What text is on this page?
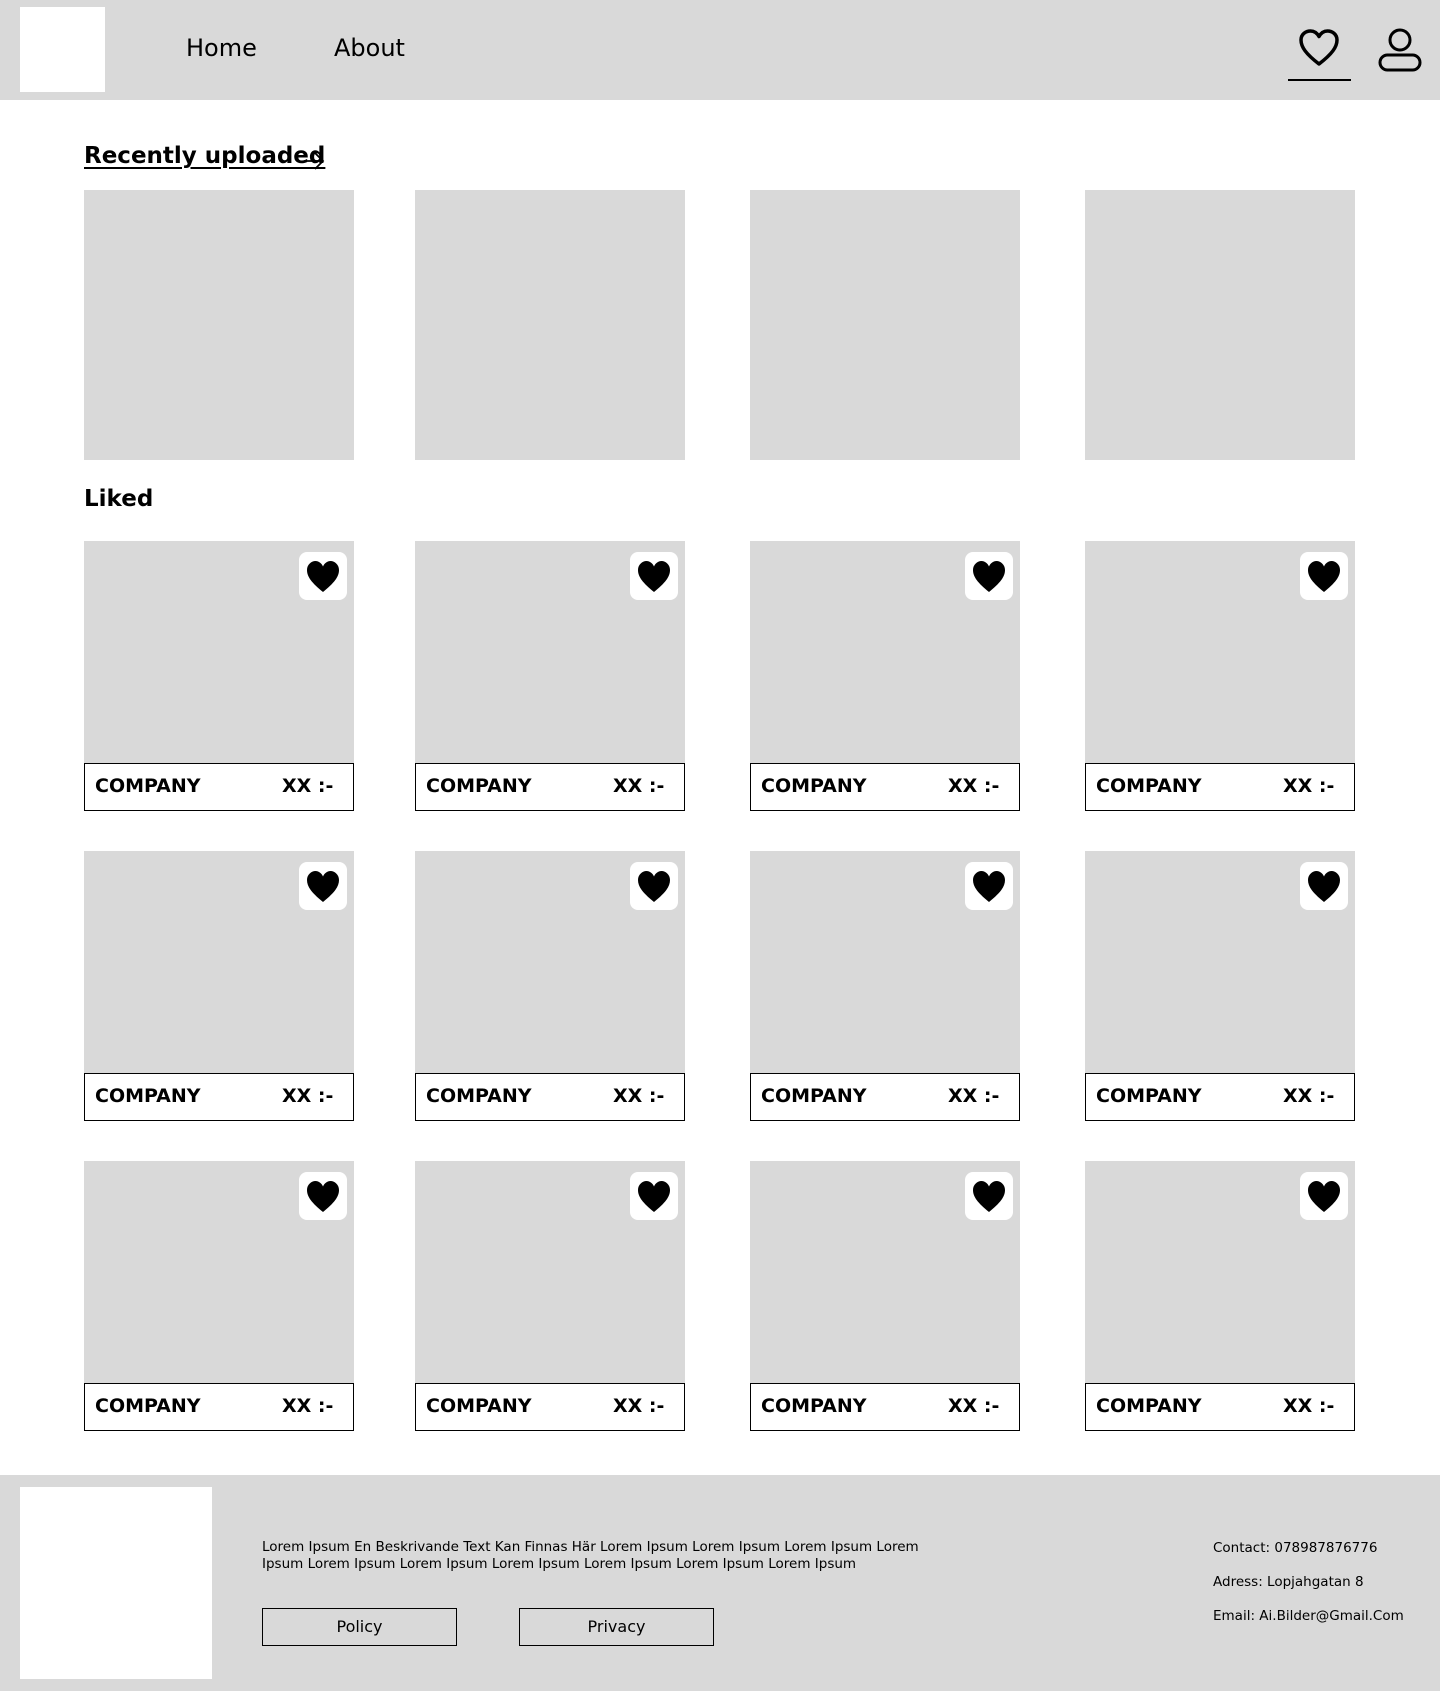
Home	About
Recently uploaded
Liked
COMPANY	XX :-	COMPANY	XX :-	COMPANY	XX :-	COMPANY	XX :-
COMPANY	XX :-	COMPANY	XX :-	COMPANY	XX :-	COMPANY	XX :-
COMPANY	XX :-	COMPANY	XX :-	COMPANY	XX :-	COMPANY	XX :-
Lorem Ipsum En Beskrivande Text Kan Finnas Här Lorem Ipsum Lorem Ipsum Lorem Ipsum Lorem Ipsum Lorem Ipsum Lorem Ipsum Lorem Ipsum Lorem Ipsum Lorem Ipsum Lorem Ipsum
Policy	Privacy
Contact: 078987876776
Adress: Lopjahgatan 8
Email: Ai.Bilder@Gmail.Com
